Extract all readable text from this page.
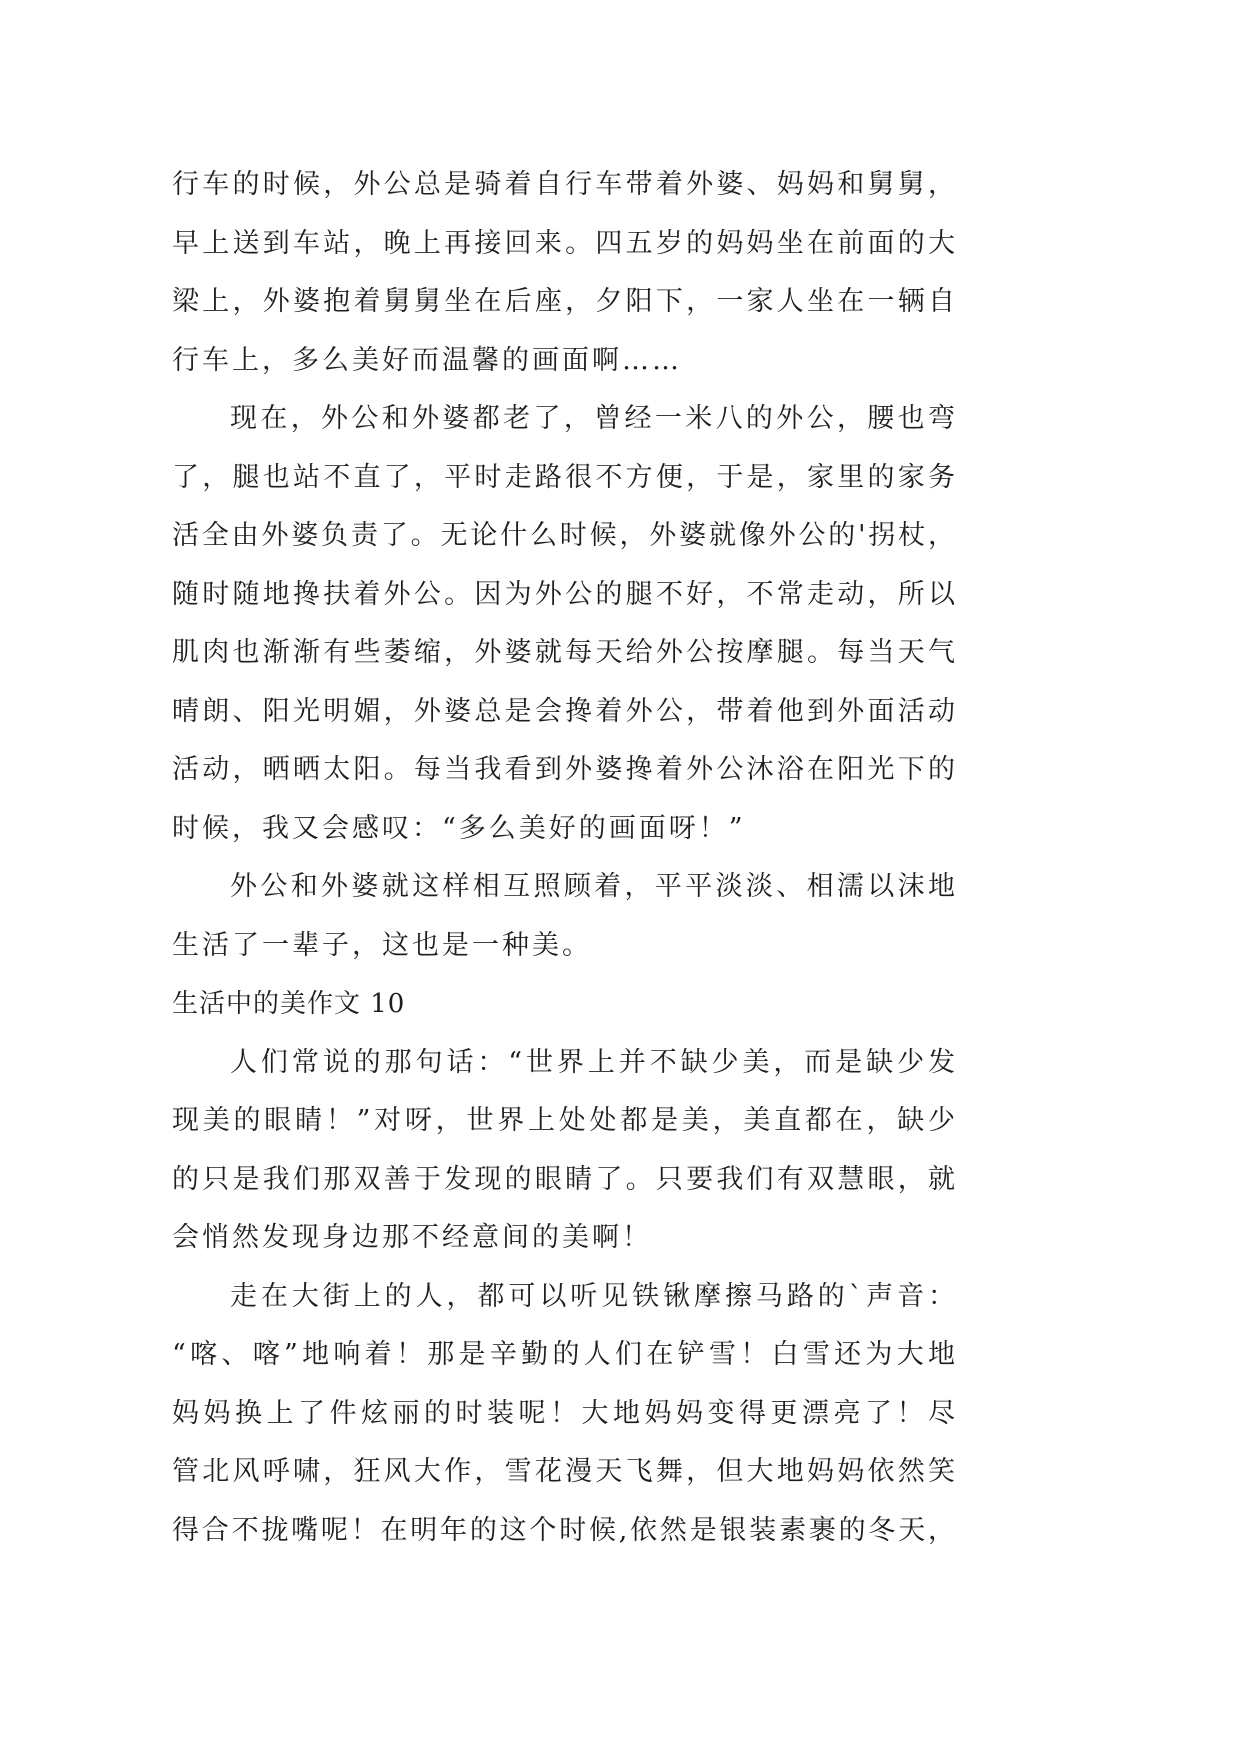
行车的时候，外公总是骑着自行车带着外婆、妈妈和舅舅，
早上送到车站，晚上再接回来。四五岁的妈妈坐在前面的大
梁上，外婆抱着舅舅坐在后座，夕阳下，一家人坐在一辆自
行车上，多么美好而温馨的画面啊……
现在，外公和外婆都老了，曾经一米八的外公，腰也弯
了，腿也站不直了，平时走路很不方便，于是，家里的家务
活全由外婆负责了。无论什么时候，外婆就像外公的'拐杖，
随时随地搀扶着外公。因为外公的腿不好，不常走动，所以
肌肉也渐渐有些萎缩，外婆就每天给外公按摩腿。每当天气
晴朗、阳光明媚，外婆总是会搀着外公，带着他到外面活动
活动，晒晒太阳。每当我看到外婆搀着外公沐浴在阳光下的
时候，我又会感叹：“多么美好的画面呀！”
外公和外婆就这样相互照顾着，平平淡淡、相濡以沫地
生活了一辈子，这也是一种美。
生活中的美作文 10
人们常说的那句话：“世界上并不缺少美，而是缺少发
现美的眼睛！”对呀，世界上处处都是美，美直都在，缺少
的只是我们那双善于发现的眼睛了。只要我们有双慧眼，就
会悄然发现身边那不经意间的美啊！
走在大街上的人，都可以听见铁锹摩擦马路的`声音：
“喀、喀”地响着！那是辛勤的人们在铲雪！白雪还为大地
妈妈换上了件炫丽的时装呢！大地妈妈变得更漂亮了！尽
管北风呼啸，狂风大作，雪花漫天飞舞，但大地妈妈依然笑
得合不拢嘴呢！在明年的这个时候,依然是银装素裹的冬天，
